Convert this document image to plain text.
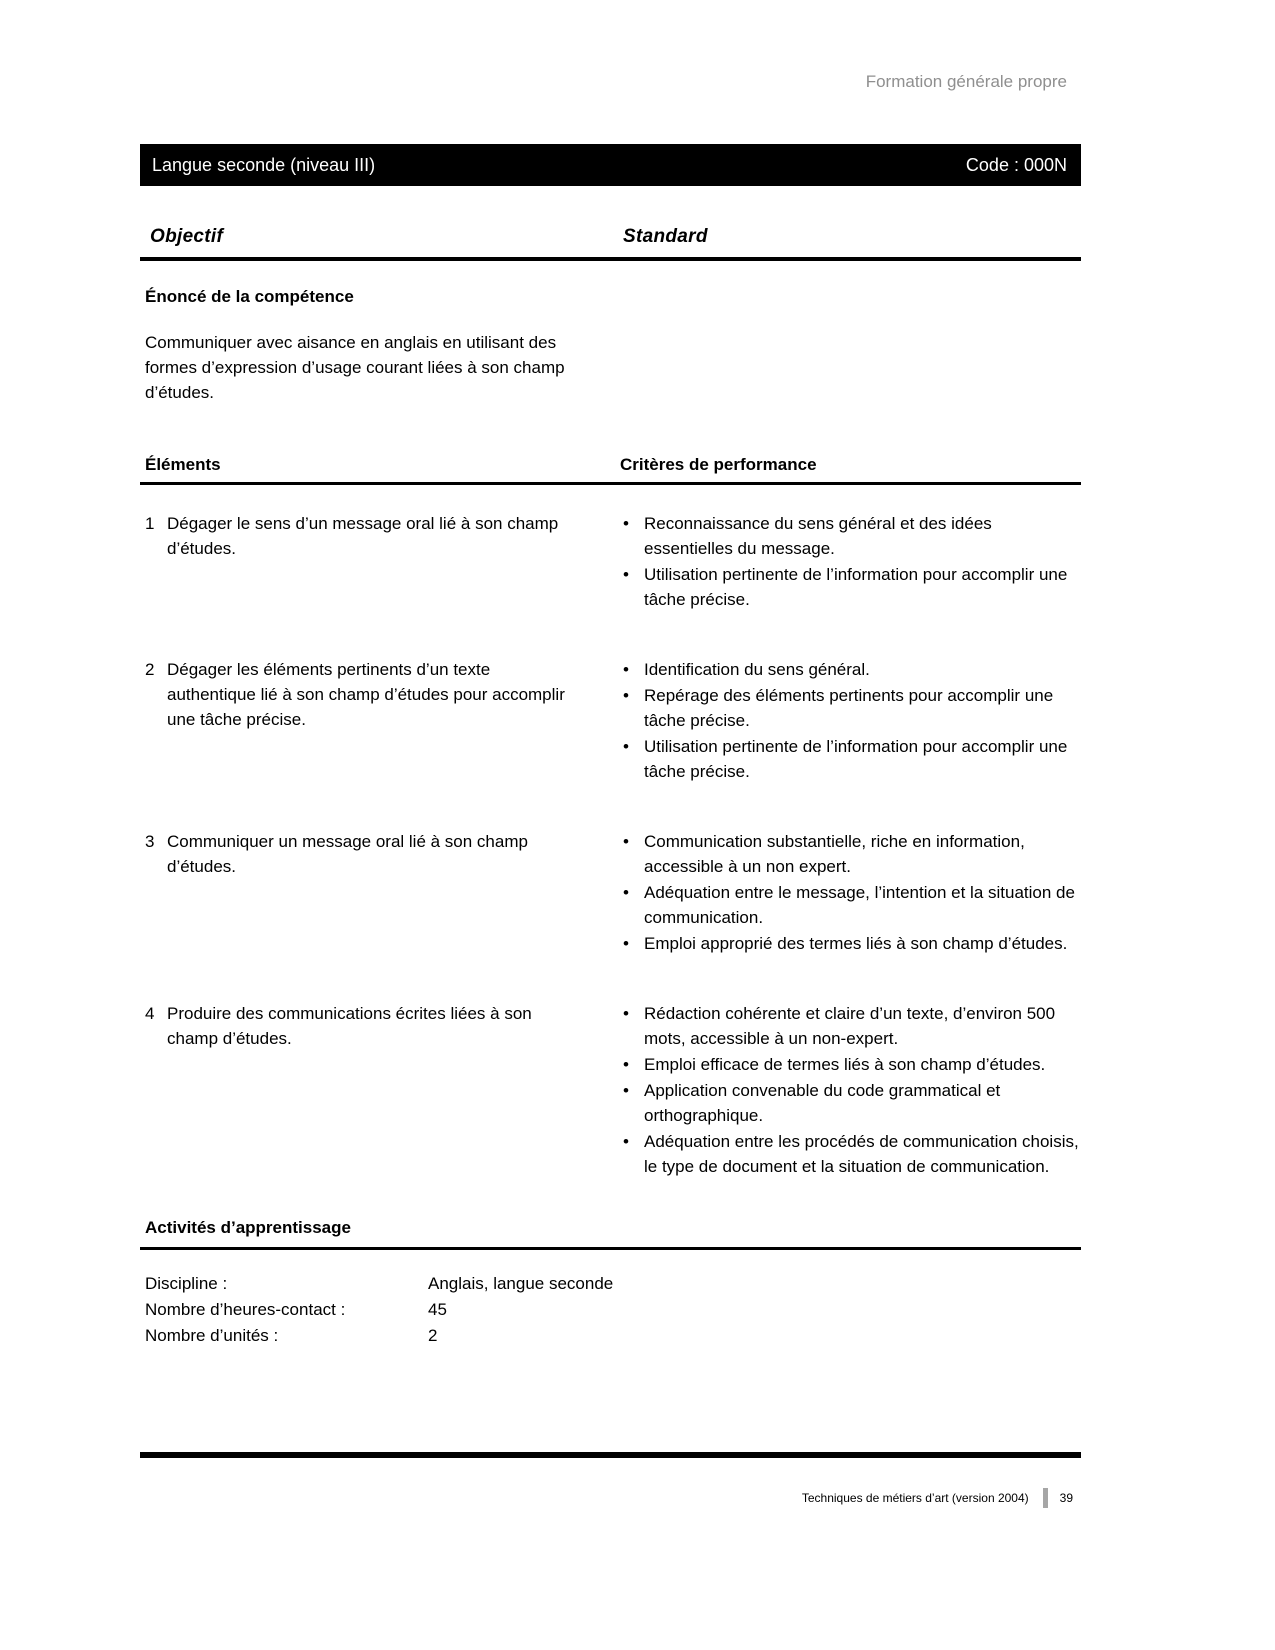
Formation générale propre
Langue seconde (niveau III)	Code : 000N
Objectif	Standard
Énoncé de la compétence
Communiquer avec aisance en anglais en utilisant des formes d’expression d’usage courant liées à son champ d’études.
Éléments	Critères de performance
1 Dégager le sens d’un message oral lié à son champ d’études.
• Reconnaissance du sens général et des idées essentielles du message.
• Utilisation pertinente de l’information pour accomplir une tâche précise.
2 Dégager les éléments pertinents d’un texte authentique lié à son champ d’études pour accomplir une tâche précise.
• Identification du sens général.
• Repérage des éléments pertinents pour accomplir une tâche précise.
• Utilisation pertinente de l’information pour accomplir une tâche précise.
3 Communiquer un message oral lié à son champ d’études.
• Communication substantielle, riche en information, accessible à un non expert.
• Adéquation entre le message, l’intention et la situation de communication.
• Emploi approprié des termes liés à son champ d’études.
4 Produire des communications écrites liées à son champ d’études.
• Rédaction cohérente et claire d’un texte, d’environ 500 mots, accessible à un non-expert.
• Emploi efficace de termes liés à son champ d’études.
• Application convenable du code grammatical et orthographique.
• Adéquation entre les procédés de communication choisis, le type de document et la situation de communication.
Activités d’apprentissage
Discipline :	Anglais, langue seconde
Nombre d’heures-contact :	45
Nombre d’unités :	2
Techniques de métiers d’art (version 2004)	39
